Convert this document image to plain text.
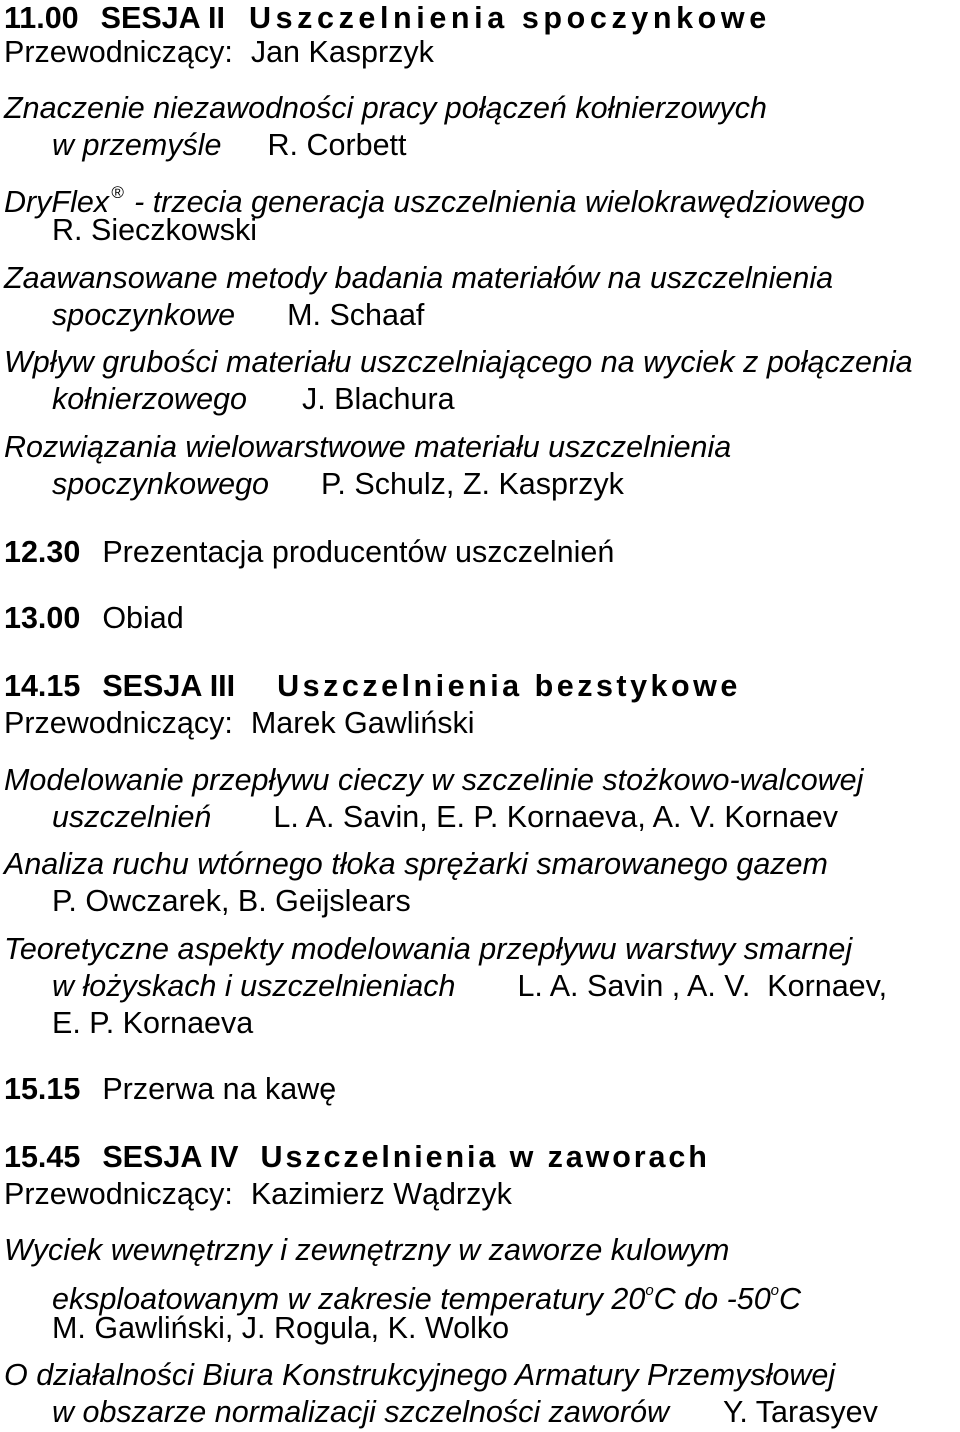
11.00 SESJA II Uszczelnienia spoczynkowe
Przewodniczący: Jan Kasprzyk
Znaczenie niezawodności pracy połączeń kołnierzowych
w przemyśle R. Corbett
DryFlex ® - trzecia generacja uszczelnienia wielokrawędziowego
R. Sieczkowski
Zaawansowane metody badania materiałów na uszczelnienia
spoczynkowe M. Schaaf
Wpływ grubości materiału uszczelniającego na wyciek z połączenia
kołnierzowego J. Blachura
Rozwiązania wielowarstwowe materiału uszczelnienia
spoczynkowego P. Schulz, Z. Kasprzyk
12.30 Prezentacja producentów uszczelnień
13.00 Obiad
14.15 SESJA III Uszczelnienia bezstykowe
Przewodniczący: Marek Gawliński
Modelowanie przepływu cieczy w szczelinie stożkowo-walcowej
uszczelnień L. A. Savin, E. P. Kornaeva, A. V. Kornaev
Analiza ruchu wtórnego tłoka sprężarki smarowanego gazem
P. Owczarek, B. Geijslears
Teoretyczne aspekty modelowania przepływu warstwy smarnej
w łożyskach i uszczelnieniach L. A. Savin , A. V.  Kornaev,
E. P. Kornaeva
15.15 Przerwa na kawę
15.45 SESJA IV Uszczelnienia w zaworach
Przewodniczący: Kazimierz Wądrzyk
Wyciek wewnętrzny i zewnętrzny w zaworze kulowym
eksploatowanym w zakresie temperatury 20$^o$C do -50$^o$C
M. Gawliński, J. Rogula, K. Wolko
O działalności Biura Konstrukcyjnego Armatury Przemysłowej
w obszarze normalizacji szczelności zaworów Y. Tarasyev
